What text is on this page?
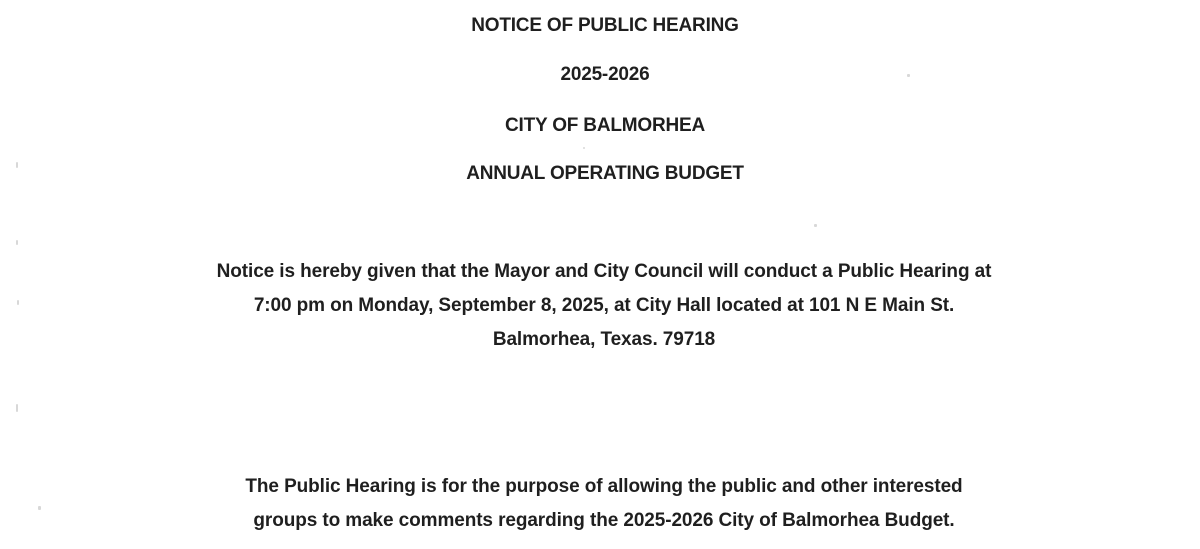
NOTICE OF PUBLIC HEARING
2025-2026
CITY OF BALMORHEA
ANNUAL OPERATING BUDGET

Notice is hereby given that the Mayor and City Council will conduct a Public Hearing at
7:00 pm on Monday, September 8, 2025, at City Hall located at 101 N E Main St.
Balmorhea, Texas. 79718

The Public Hearing is for the purpose of allowing the public and other interested
groups to make comments regarding the 2025-2026 City of Balmorhea Budget.
